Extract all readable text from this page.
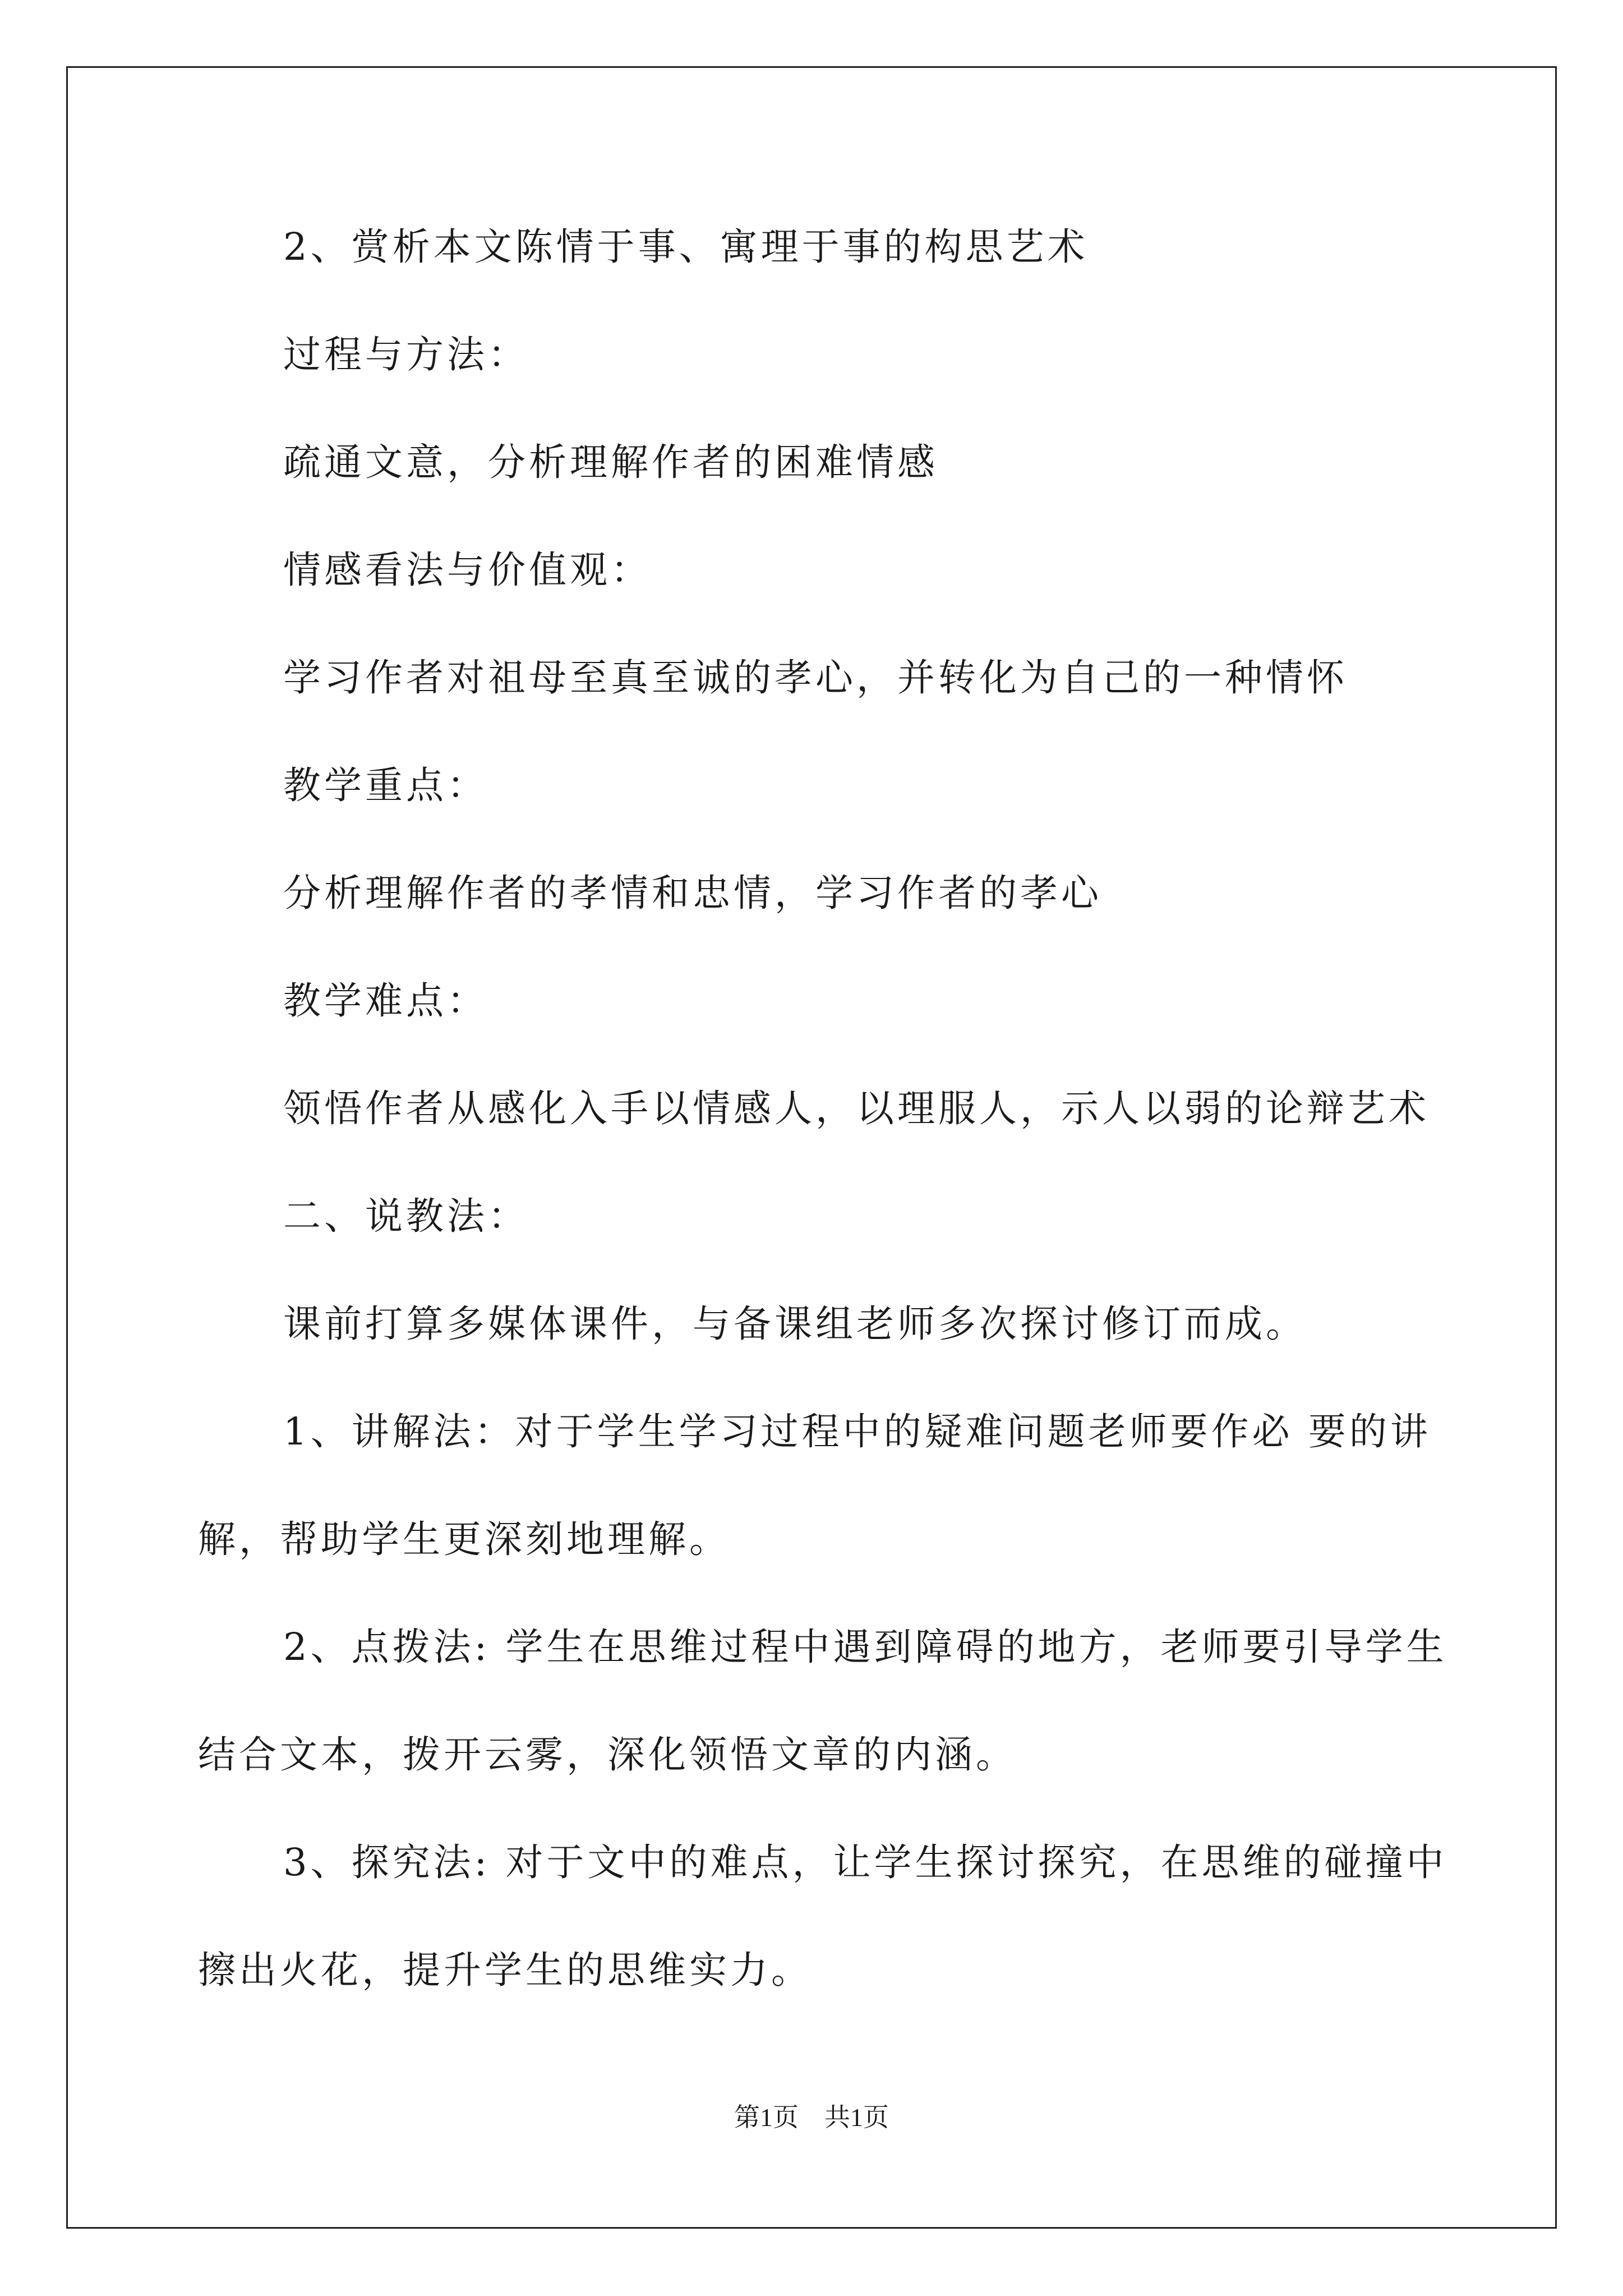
2、赏析本文陈情于事、寓理于事的构思艺术
过程与方法：
疏通文意，分析理解作者的困难情感
情感看法与价值观：
学习作者对祖母至真至诚的孝心，并转化为自己的一种情怀
教学重点：
分析理解作者的孝情和忠情，学习作者的孝心
教学难点：
领悟作者从感化入手以情感人，以理服人，示人以弱的论辩艺术
二、说教法：
课前打算多媒体课件，与备课组老师多次探讨修订而成。
1、讲解法：对于学生学习过程中的疑难问题老师要作必 要的讲
解，帮助学生更深刻地理解。
2、点拨法: 学生在思维过程中遇到障碍的地方，老师要引导学生
结合文本，拨开云雾，深化领悟文章的内涵。
3、探究法: 对于文中的难点，让学生探讨探究，在思维的碰撞中
擦出火花，提升学生的思维实力。
第1页　共1页
